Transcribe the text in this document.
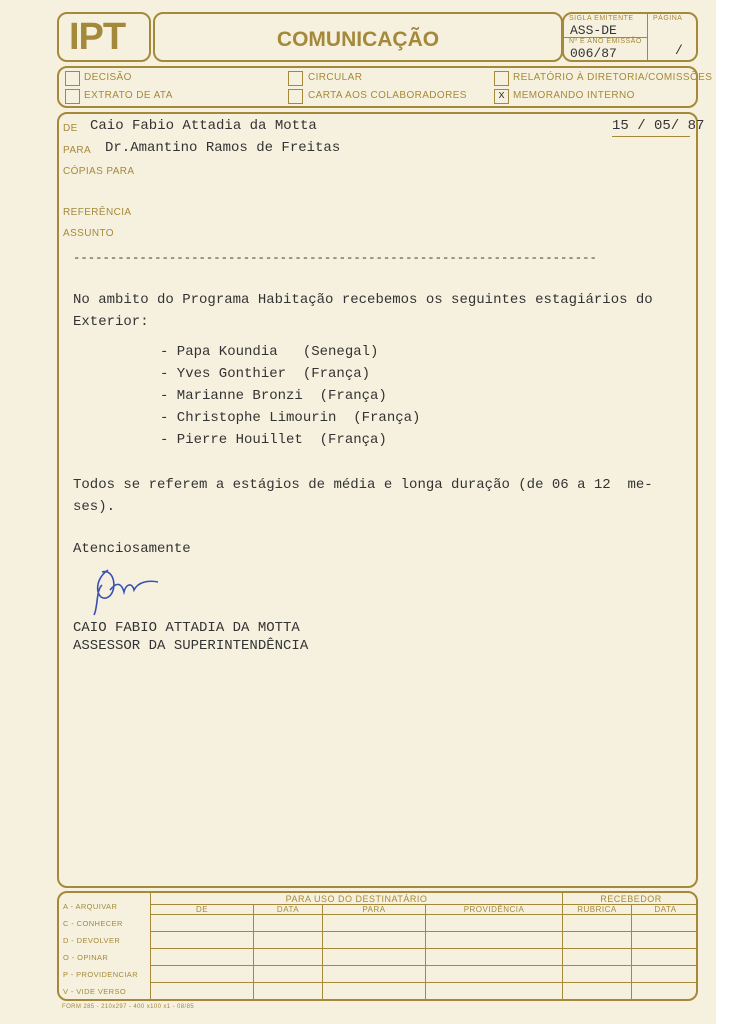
IPT	COMUNICAÇÃO
SIGLA EMITENTE
ASS-DE
Nº E ANO EMISSÃO
006/87
PÁGINA
/
DECISÃO
EXTRATO DE ATA
CIRCULAR
CARTA AOS COLABORADORES
RELATÓRIO À DIRETORIA/COMISSÕES
x MEMORANDO INTERNO
DE Caio Fabio Attadia da Motta	15 / 05/ 87
PARA Dr.Amantino Ramos de Freitas
CÓPIAS PARA
REFERÊNCIA
ASSUNTO
-----------------------------------------------------------------------
No ambito do Programa Habitação recebemos os seguintes estagiários do
Exterior:
- Papa Koundia   (Senegal)
- Yves Gonthier  (França)
- Marianne Bronzi  (França)
- Christophe Limourin  (França)
- Pierre Houillet  (França)
Todos se referem a estágios de média e longa duração (de 06 a 12  me-
ses).
Atenciosamente
CAIO FABIO ATTADIA DA MOTTA
ASSESSOR DA SUPERINTENDÊNCIA
A - ARQUIVAR
C - CONHECER
D - DEVOLVER
O - OPINAR
P - PROVIDENCIAR
V - VIDE VERSO
PARA USO DO DESTINATÁRIO				RECEBEDOR	
DE	DATA	PARA	PROVIDÊNCIA	RUBRICA	DATA

FORM 285 - 210x297 - 400 x100 x1 - 08/85
